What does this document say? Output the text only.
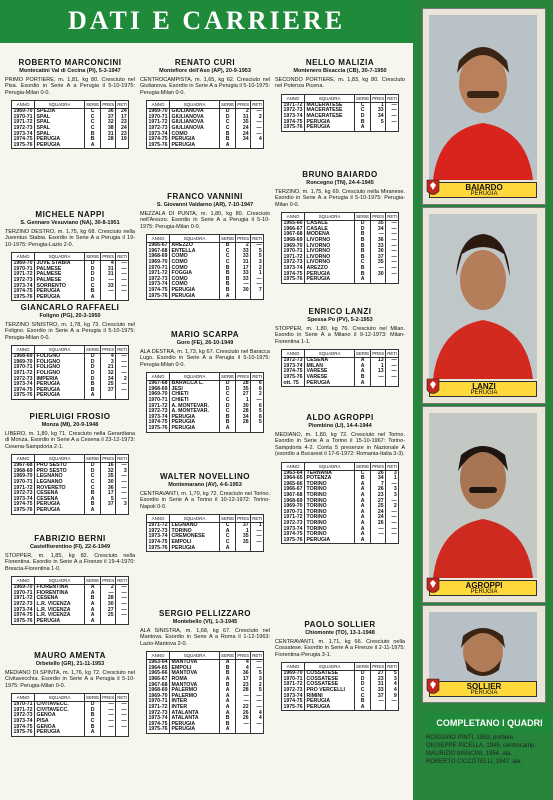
DATI E CARRIERE
ROBERTO MARCONCINI
Montecatini Val di Cecina (PI), 5-3-1947
PRIMO PORTIERE, m. 1,81, kg 80. Cresciuto nel Pisa. Esordio in Serie A a Perugia il 5-10-1975: Perugia-Milan 0-0.
ANNO	SQUADRA	SERIE	PRES	RETI
1969-70	SPEZIA	C	36	24
1970-71	SPAL	C	37	17
1971-72	SPAL	C	32	23
1972-73	SPAL	C	38	24
1973-74	SPAL	B	31	23
1974-75	PERUGIA	B	28	19
1975-76	PERUGIA	A		
MICHELE NAPPI
S. Gennaro Vesuviano (NA), 30-8-1951
TERZINO DESTRO, m. 1,75, kg 68. Cresciuto nella Juventus Stabia. Esordio in Serie A a Perugia il 19-10-1975: Perugia-Lazio 2-0.
ANNO	SQUADRA	SERIE	PRES	RETI
1969-70	JUVE STABIA	D	4	—
1970-71	PALMESE	D	31	—
1971-72	PALMESE	D	31	—
1972-73	PALMESE	D	—	—
1973-74	SORRENTO	C	33	—
1974-75	PERUGIA	B	—	—
1975-76	PERUGIA	A		
GIANCARLO RAFFAELI
Foligno (PG), 20-3-1950
TERZINO SINISTRO, m. 1,78, kg 73. Cresciuto nel Foligno. Esordio in Serie A a Perugia il 5-10-1975: Perugia-Milan 0-0.
ANNO	SQUADRA	SERIE	PRES	RETI
1968-69	FOLIGNO	D	4	—
1969-70	FOLIGNO	D	3	—
1970-71	FOLIGNO	D	21	—
1971-72	FOLIGNO	D	32	—
1972-73	IMPERIA	D	34	2
1973-74	PERUGIA	B	25	—
1974-75	PERUGIA	B	37	—
1975-76	PERUGIA	A		
PIERLUIGI FROSIO
Monza (MI), 20-9-1948
LIBERO, m. 1,80, kg 71. Cresciuto nella Gerardiana di Monza. Esordio in Serie A a Cesena il 23-12-1973: Cesena-Sampdoria 2-1.
ANNO	SQUADRA	SERIE	PRES	RETI
1967-68	PRO SESTO	D	16	—
1968-69	PRO SESTO	D	32	3
1969-70	LEGNANO	C	35	—
1970-71	LEGNANO	C	30	—
1971-72	ROVERETO	C	36	—
1972-73	CESENA	B	17	—
1973-74	CESENA	A	5	—
1974-75	PERUGIA	B	37	3
1975-76	PERUGIA	A		
FABRIZIO BERNI
Castelfiorentino (FI), 22-6-1949
STOPPER, m. 1,85, kg 82. Cresciuto nella Fiorentina. Esordio in Serie A a Firenze il 19-4-1970: Brescia-Fiorentina 1-0.
ANNO	SQUADRA	SERIE	PRES	RETI
1969-70	FIORENTINA	A	2	—
1970-71	FIORENTINA	A	—	—
1971-72	CESENA	B	28	—
1972-73	L.R. VICENZA	A	30	—
1973-74	L.R. VICENZA	A	27	—
1974-75	L.R. VICENZA	A	25	—
1975-76	PERUGIA	A		
MAURO AMENTA
Orbetello (GR), 21-11-1953
MEDIANO DI SPINTA, m. 1,76, kg 72. Cresciuto nel Civitavecchia. Esordio in Serie A a Perugia il 5-10-1975: Perugia-Milan 0-0.
ANNO	SQUADRA	SERIE	PRES	RETI
1970-71	CIVITAVECC.	D	—	—
1971-72	CIVITAVECC.	D	—	—
1972-73	GENOA	B	—	—
1973-74	PISA	C	—	—
1974-75	GENOA	B	—	—
1975-76	PERUGIA	A		
RENATO CURI
Montefiore dell'Aso (AP), 20-9-1953
CENTROCAMPISTA, m. 1,65, kg 62. Cresciuto nel Giulianova. Esordio in Serie A a Perugia il 5-10-1975: Perugia-Milan 0-0.
ANNO	SQUADRA	SERIE	PRES	RETI
1969-70	GIULIANOVA	D	2	—
1970-71	GIULIANOVA	D	31	2
1971-72	GIULIANOVA	C	35	—
1972-73	GIULIANOVA	C	24	—
1973-74	COMO	B	24	—
1974-75	PERUGIA	B	34	4
1975-76	PERUGIA	A		
FRANCO VANNINI
S. Giovanni Valdarno (AR), 7-10-1947
MEZZALA DI PUNTA, m. 1,80, kg 80. Cresciuto nell'Arezzo. Esordio in Serie A a Perugia il 5-10-1975: Perugia-Milan 0-0.
ANNO	SQUADRA	SERIE	PRES	RETI
1966-67	AREZZO	B	2	—
1967-68	ENTELLA	C	33	5
1968-69	COMO	C	33	5
1969-70	COMO	C	31	3
1970-71	COMO	B	17	2
1971-72	FOGGIA	B	33	1
1972-73	COMO	B	33	—
1973-74	COMO	B	—	—
1974-75	PERUGIA	B	30	7
1975-76	PERUGIA	A		
MARIO SCARPA
Goro (FE), 26-10-1949
ALA DESTRA, m. 1,73, kg 67. Cresciuto nel Baracca Lugo. Esordio in Serie A a Perugia il 5-10-1975: Perugia-Milan 0-0.
ANNO	SQUADRA	SERIE	PRES	RETI
1967-68	BARACCA L.	D	28	6
1968-69	JESI	D	35	6
1969-70	CHIETI	C	27	2
1970-71	CHIETI	C	1	—
1971-72	A. MONTEVAR.	D	30	6
1972-73	A. MONTEVAR.	C	28	5
1973-74	PERUGIA	B	34	8
1974-75	PERUGIA	B	28	5
1975-76	PERUGIA	A		
WALTER NOVELLINO
Montemarano (AV), 4-6-1953
CENTRAVANTI, m. 1,70, kg 72. Cresciuto nel Torino. Esordio in Serie A a Torino il 10-12-1972: Torino-Napoli 0-0.
ANNO	SQUADRA	SERIE	PRES	RETI
1971-72	LEGNANO	C	37	1
1972-73	TORINO	A	1	—
1973-74	CREMONESE	C	35	—
1974-75	EMPOLI	C	35	—
1975-76	PERUGIA	A		
SERGIO PELLIZZARO
Montebello (VI), 1-3-1945
ALA SINISTRA, m. 1,68, kg 67. Cresciuto nel Mantova. Esordio in Serie A a Roma il 1-12-1963: Lazio-Mantova 2-0.
ANNO	SQUADRA	SERIE	PRES	RETI
1963-64	MANTOVA	A	4	—
1964-65	EMPOLI	B	4	—
1965-66	MANTOVA	B	36	5
1966-67	ROMA	A	17	3
1967-68	MANTOVA	B	23	2
1968-69	PALERMO	A	28	5
1969-70	PALERMO	A	—	—
1970-71	INTER	A	—	—
1971-72	INTER	A	22	—
1972-73	ATALANTA	A	26	4
1973-74	ATALANTA	B	26	4
1974-75	PERUGIA	B	—	—
1975-76	PERUGIA	A		
NELLO MALIZIA
Montenero Bisaccia (CB), 30-7-1950
SECONDO PORTIERE, m. 1,83, kg 80. Cresciuto nel Potenza Picena.
ANNO	SQUADRA	SERIE	PRES	RETI
1971-72	MACERATESE	C	1	—
1972-73	MACERATESE	C	33	—
1973-74	MACERATESE	D	34	—
1974-75	PERUGIA	B	5	—
1975-76	PERUGIA	A		
BRUNO BAIARDO
Roncegno (TN), 24-4-1945
TERZINO, m. 1,75, kg 69. Cresciuto nella Miranese. Esordio in Serie A a Perugia il 5-10-1975: Perugia-Milan 0-0.
ANNO	SQUADRA	SERIE	PRES	RETI
1965-66	CASALE	D	35	—
1966-67	CASALE	D	34	—
1967-68	MODENA	B	—	—
1968-69	LIVORNO	B	36	—
1969-70	LIVORNO	B	33	—
1970-71	LIVORNO	B	30	—
1971-72	LIVORNO	B	37	—
1972-73	LIVORNO	C	35	—
1973-74	AREZZO	B	—	—
1974-75	PERUGIA	B	30	—
1975-76	PERUGIA	A		
ENRICO LANZI
Spessa Po (PV), 5-2-1953
STOPPER, m. 1,80, kg 76. Cresciuto nel Milan. Esordio in Serie A a Milano il 9-12-1973: Milan-Fiorentina 1-1.
ANNO	SQUADRA	SERIE	PRES	RETI
1972-73	CESENA	A	13	—
1973-74	MILAN	A	1	—
1974-75	VARESE	A	13	—
1975-76	VARESE	B	—	—
ott. 75	PERUGIA	A		
ALDO AGROPPI
Piombino (LI), 14-4-1944
MEDIANO, m. 1,80, kg 72. Cresciuto nel Torino. Esordio in Serie A a Torino il 15-10-1967: Torino-Sampdoria 4-2. Conta 5 presenze in Nazionale A (esordio a Bucarest il 17-6-1972: Romania-Italia 3-3).
ANNO	SQUADRA	SERIE	PRES	RETI
1963-64	TERNANA	C	26	3
1964-65	POTENZA	B	34	1
1965-66	TORINO	A	7	—
1966-67	TORINO	A	26	3
1967-68	TORINO	A	23	3
1968-69	TORINO	A	27	—
1969-70	TORINO	A	25	2
1970-71	TORINO	A	24	—
1971-72	TORINO	A	24	—
1972-73	TORINO	A	26	—
1973-74	TORINO	A	—	—
1974-75	TORINO	A	—	—
1975-76	PERUGIA	A		
PAOLO SOLLIER
Chiomonte (TO), 13-1-1948
CENTRAVANTI, m. 1,71, kg 66. Cresciuto nella Cossatese. Esordio in Serie A a Firenze il 2-11-1975: Fiorentina-Perugia 3-1.
ANNO	SQUADRA	SERIE	PRES	RETI
1969-70	COSSATESE	D	27	5
1970-71	COSSATESE	D	23	3
1971-72	COSSATESE	D	31	4
1972-73	PRO VERCELLI	C	33	4
1973-74	RIMINI	C	37	9
1974-75	PERUGIA	B	—	—
1975-76	PERUGIA	A		
BAIARDO
PERUGIA
LANZI
PERUGIA
AGROPPI
PERUGIA
SOLLIER
PERUGIA
COMPLETANO I QUADRI
ROSSANO PINTI, 1959, portiere.
GIUSEPPE PICELLA, 1945, centrocamp.
MAURIZIO MANCINI, 1954, ala.
ROBERTO CICCOTELLI, 1947, ala.
